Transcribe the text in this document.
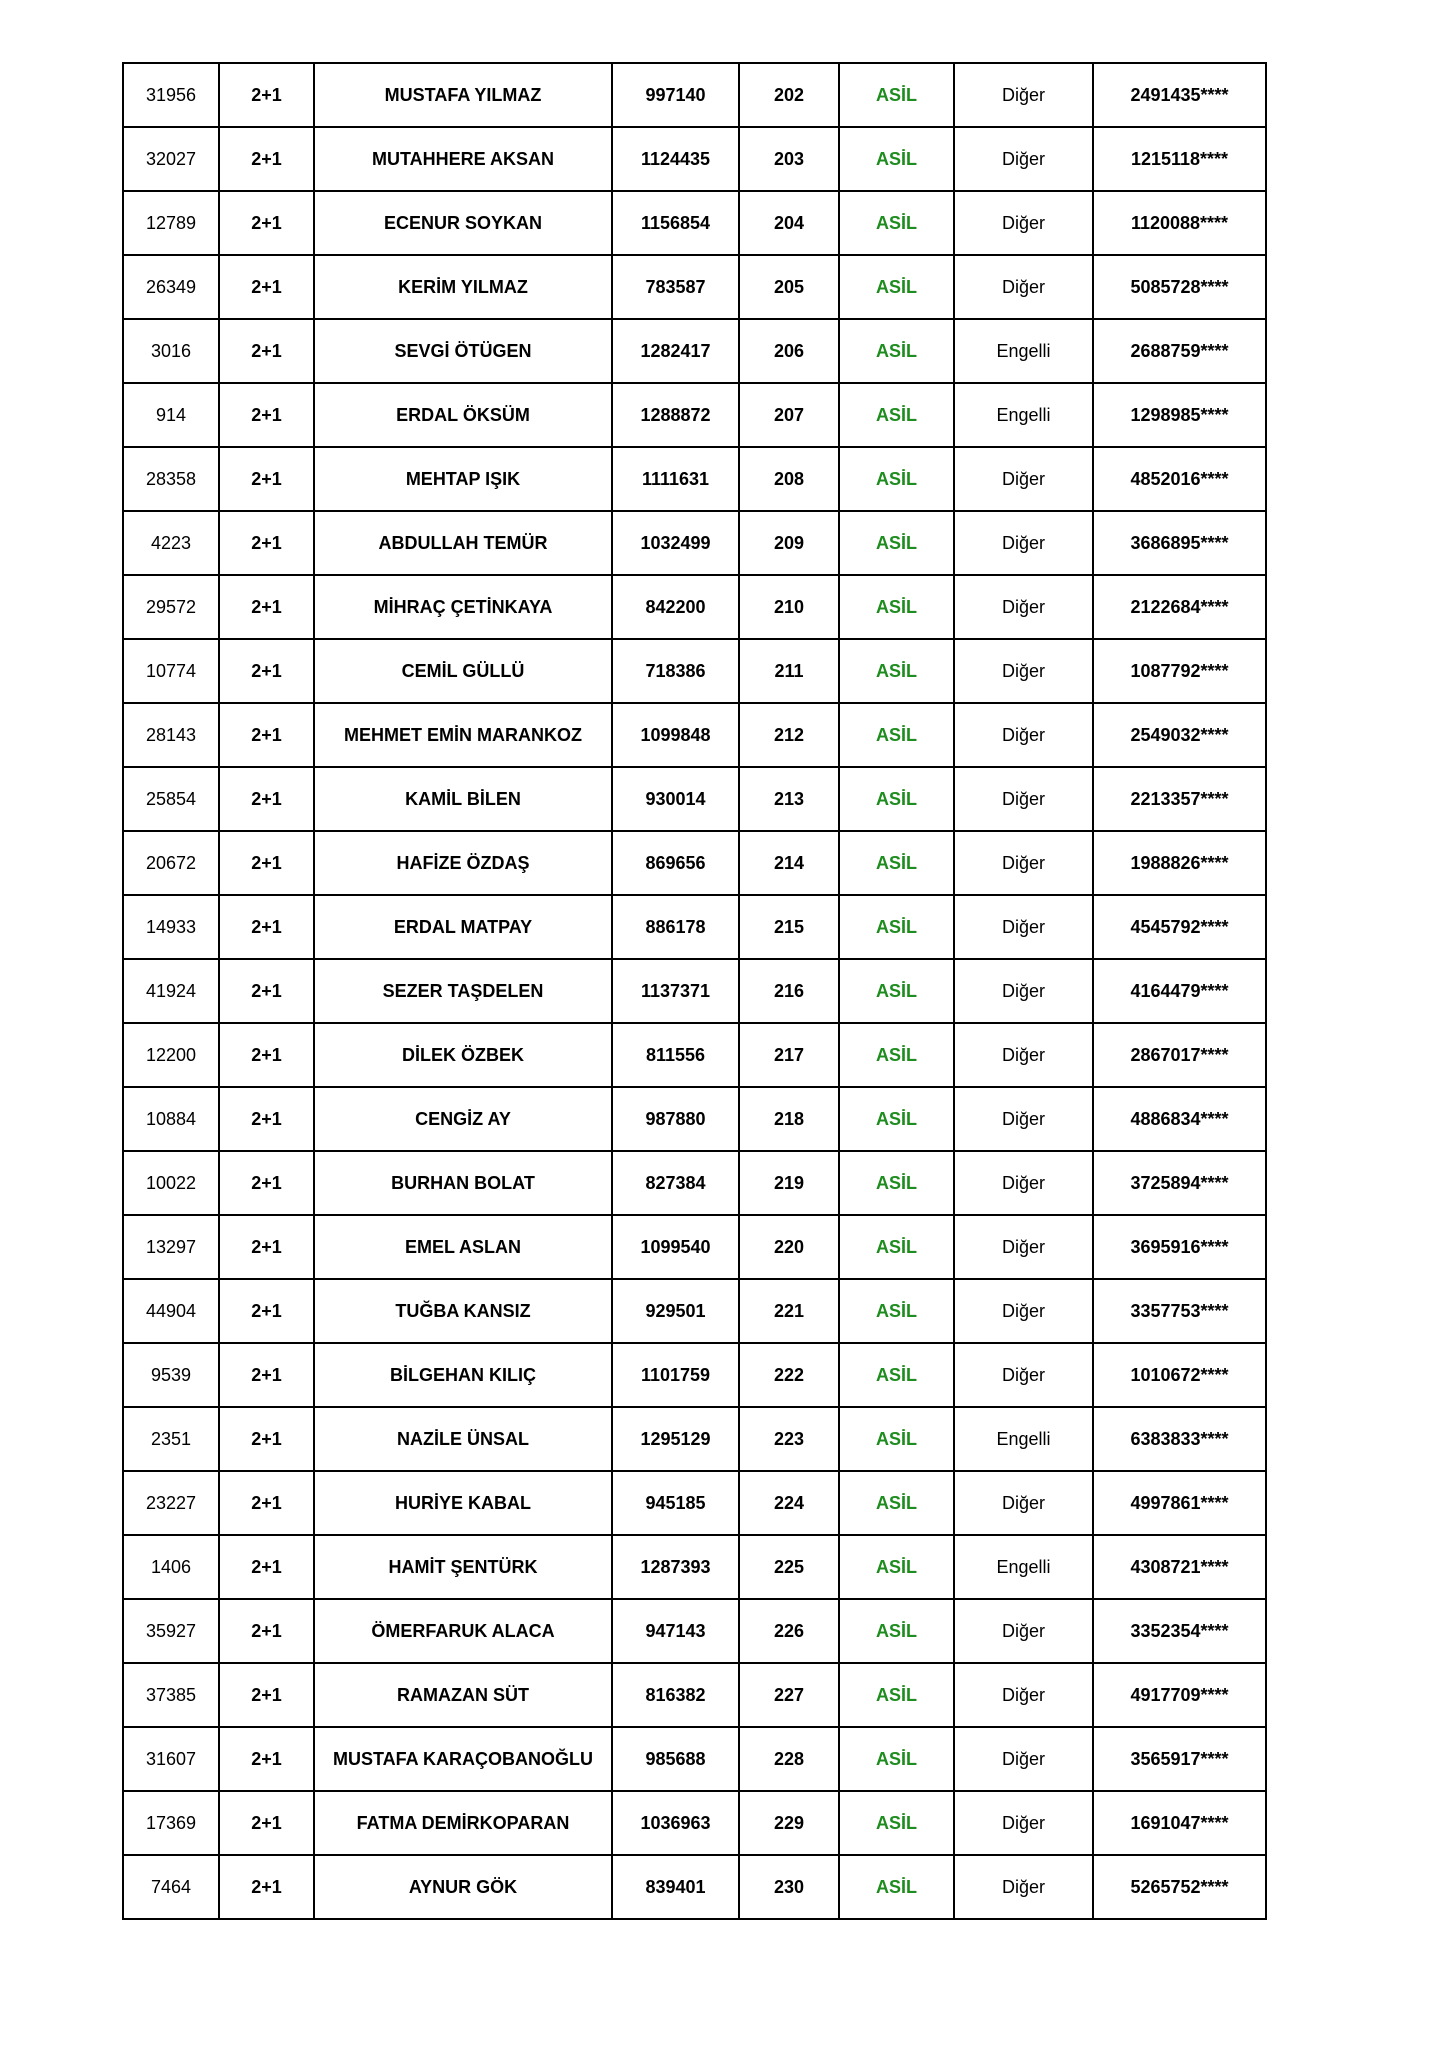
31956	2+1	MUSTAFA YILMAZ	997140	202	ASİL	Diğer	2491435****
32027	2+1	MUTAHHERE AKSAN	1124435	203	ASİL	Diğer	1215118****
12789	2+1	ECENUR SOYKAN	1156854	204	ASİL	Diğer	1120088****
26349	2+1	KERİM YILMAZ	783587	205	ASİL	Diğer	5085728****
3016	2+1	SEVGİ ÖTÜGEN	1282417	206	ASİL	Engelli	2688759****
914	2+1	ERDAL ÖKSÜM	1288872	207	ASİL	Engelli	1298985****
28358	2+1	MEHTAP IŞIK	1111631	208	ASİL	Diğer	4852016****
4223	2+1	ABDULLAH TEMÜR	1032499	209	ASİL	Diğer	3686895****
29572	2+1	MİHRAÇ ÇETİNKAYA	842200	210	ASİL	Diğer	2122684****
10774	2+1	CEMİL GÜLLÜ	718386	211	ASİL	Diğer	1087792****
28143	2+1	MEHMET EMİN MARANKOZ	1099848	212	ASİL	Diğer	2549032****
25854	2+1	KAMİL BİLEN	930014	213	ASİL	Diğer	2213357****
20672	2+1	HAFİZE ÖZDAŞ	869656	214	ASİL	Diğer	1988826****
14933	2+1	ERDAL MATPAY	886178	215	ASİL	Diğer	4545792****
41924	2+1	SEZER TAŞDELEN	1137371	216	ASİL	Diğer	4164479****
12200	2+1	DİLEK ÖZBEK	811556	217	ASİL	Diğer	2867017****
10884	2+1	CENGİZ AY	987880	218	ASİL	Diğer	4886834****
10022	2+1	BURHAN BOLAT	827384	219	ASİL	Diğer	3725894****
13297	2+1	EMEL ASLAN	1099540	220	ASİL	Diğer	3695916****
44904	2+1	TUĞBA KANSIZ	929501	221	ASİL	Diğer	3357753****
9539	2+1	BİLGEHAN KILIÇ	1101759	222	ASİL	Diğer	1010672****
2351	2+1	NAZİLE ÜNSAL	1295129	223	ASİL	Engelli	6383833****
23227	2+1	HURİYE KABAL	945185	224	ASİL	Diğer	4997861****
1406	2+1	HAMİT ŞENTÜRK	1287393	225	ASİL	Engelli	4308721****
35927	2+1	ÖMERFARUK ALACA	947143	226	ASİL	Diğer	3352354****
37385	2+1	RAMAZAN SÜT	816382	227	ASİL	Diğer	4917709****
31607	2+1	MUSTAFA KARAÇOBANOĞLU	985688	228	ASİL	Diğer	3565917****
17369	2+1	FATMA DEMİRKOPARAN	1036963	229	ASİL	Diğer	1691047****
7464	2+1	AYNUR GÖK	839401	230	ASİL	Diğer	5265752****
